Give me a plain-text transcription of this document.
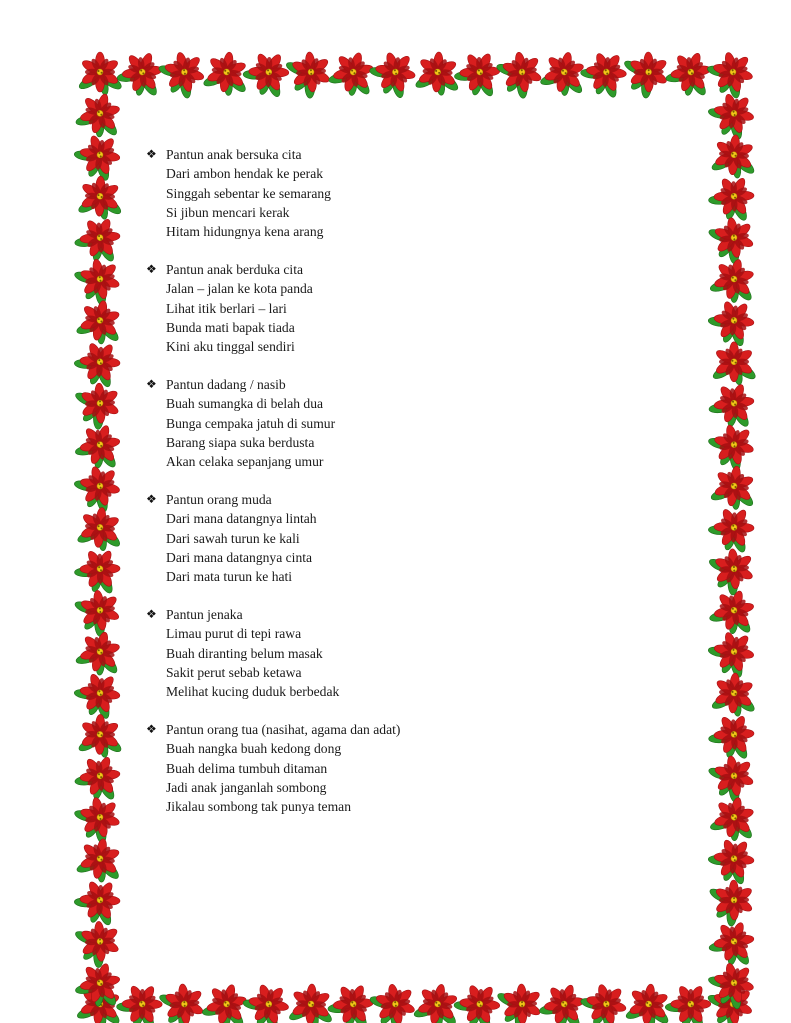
❖ Pantun anak bersuka cita
Dari ambon hendak ke perak
Singgah sebentar ke semarang
Si jibun mencari kerak
Hitam hidungnya kena arang
❖ Pantun anak berduka cita
Jalan – jalan ke kota panda
Lihat itik berlari – lari
Bunda mati bapak tiada
Kini aku tinggal sendiri
❖ Pantun dadang / nasib
Buah sumangka di belah dua
Bunga cempaka jatuh di sumur
Barang siapa suka berdusta
Akan celaka sepanjang umur
❖ Pantun orang muda
Dari mana datangnya lintah
Dari sawah turun ke kali
Dari mana datangnya cinta
Dari mata turun ke hati
❖ Pantun jenaka
Limau purut di tepi rawa
Buah diranting belum masak
Sakit perut sebab ketawa
Melihat kucing duduk berbedak
❖ Pantun orang tua (nasihat, agama dan adat)
Buah nangka buah kedong dong
Buah delima tumbuh ditaman
Jadi anak janganlah sombong
Jikalau sombong tak punya teman
